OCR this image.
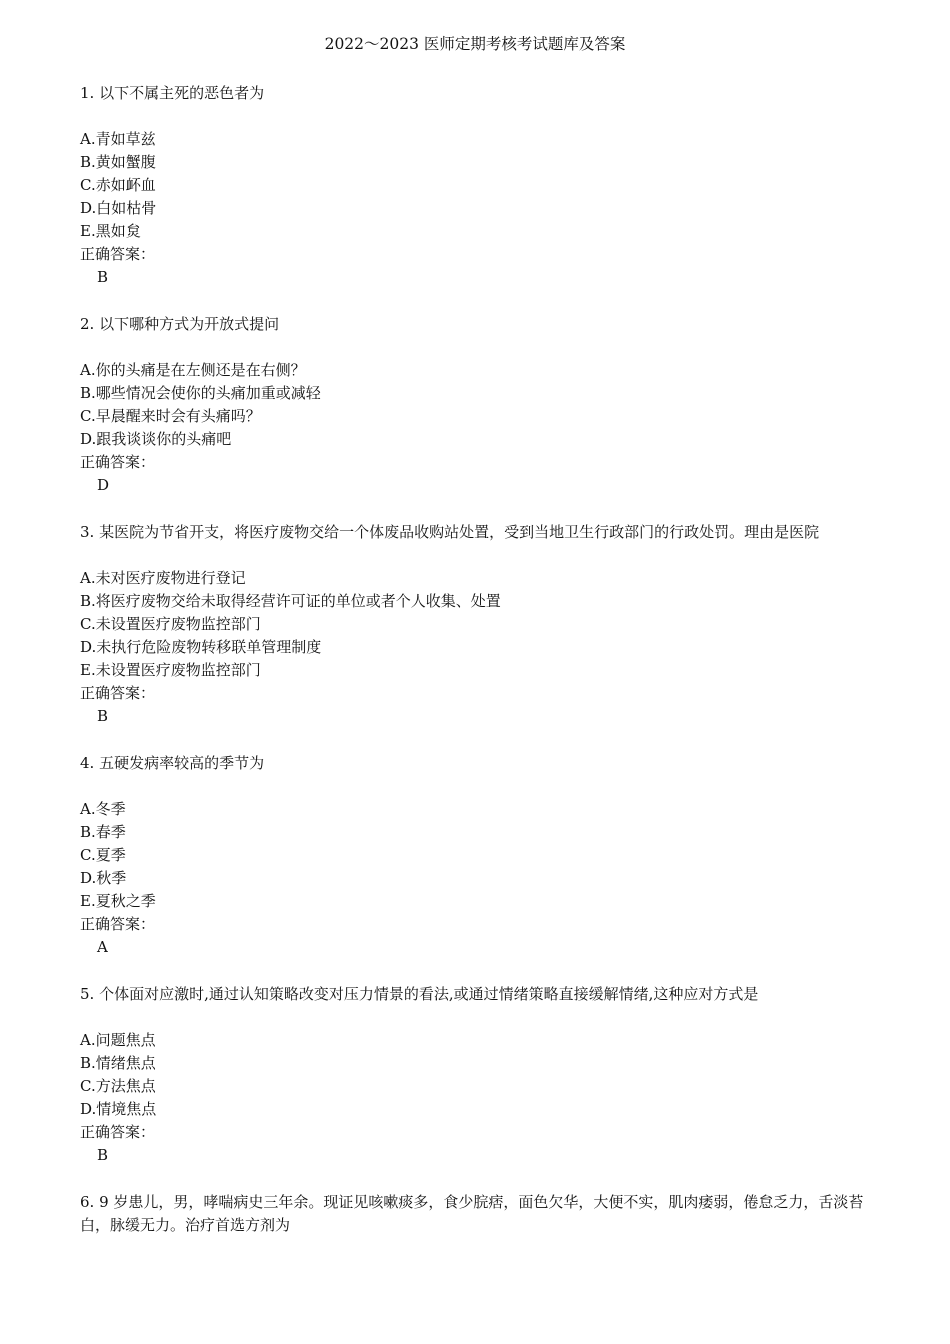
2022～2023 医师定期考核考试题库及答案
1. 以下不属主死的恶色者为
A.青如草兹
B.黄如蟹腹
C.赤如衃血
D.白如枯骨
E.黑如炱
正确答案：
B
2. 以下哪种方式为开放式提问
A.你的头痛是在左侧还是在右侧？
B.哪些情况会使你的头痛加重或减轻
C.早晨醒来时会有头痛吗？
D.跟我谈谈你的头痛吧
正确答案：
D
3. 某医院为节省开支，将医疗废物交给一个体废品收购站处置，受到当地卫生行政部门的行政处罚。理由是医院
A.未对医疗废物进行登记
B.将医疗废物交给未取得经营许可证的单位或者个人收集、处置
C.未设置医疗废物监控部门
D.未执行危险废物转移联单管理制度
E.未设置医疗废物监控部门
正确答案：
B
4. 五硬发病率较高的季节为
A.冬季
B.春季
C.夏季
D.秋季
E.夏秋之季
正确答案：
A
5. 个体面对应激时,通过认知策略改变对压力情景的看法,或通过情绪策略直接缓解情绪,这种应对方式是
A.问题焦点
B.情绪焦点
C.方法焦点
D.情境焦点
正确答案：
B
6. 9 岁患儿，男，哮喘病史三年余。现证见咳嗽痰多，食少脘痞，面色欠华，大便不实，肌肉痿弱，倦怠乏力，舌淡苔白，脉缓无力。治疗首选方剂为
